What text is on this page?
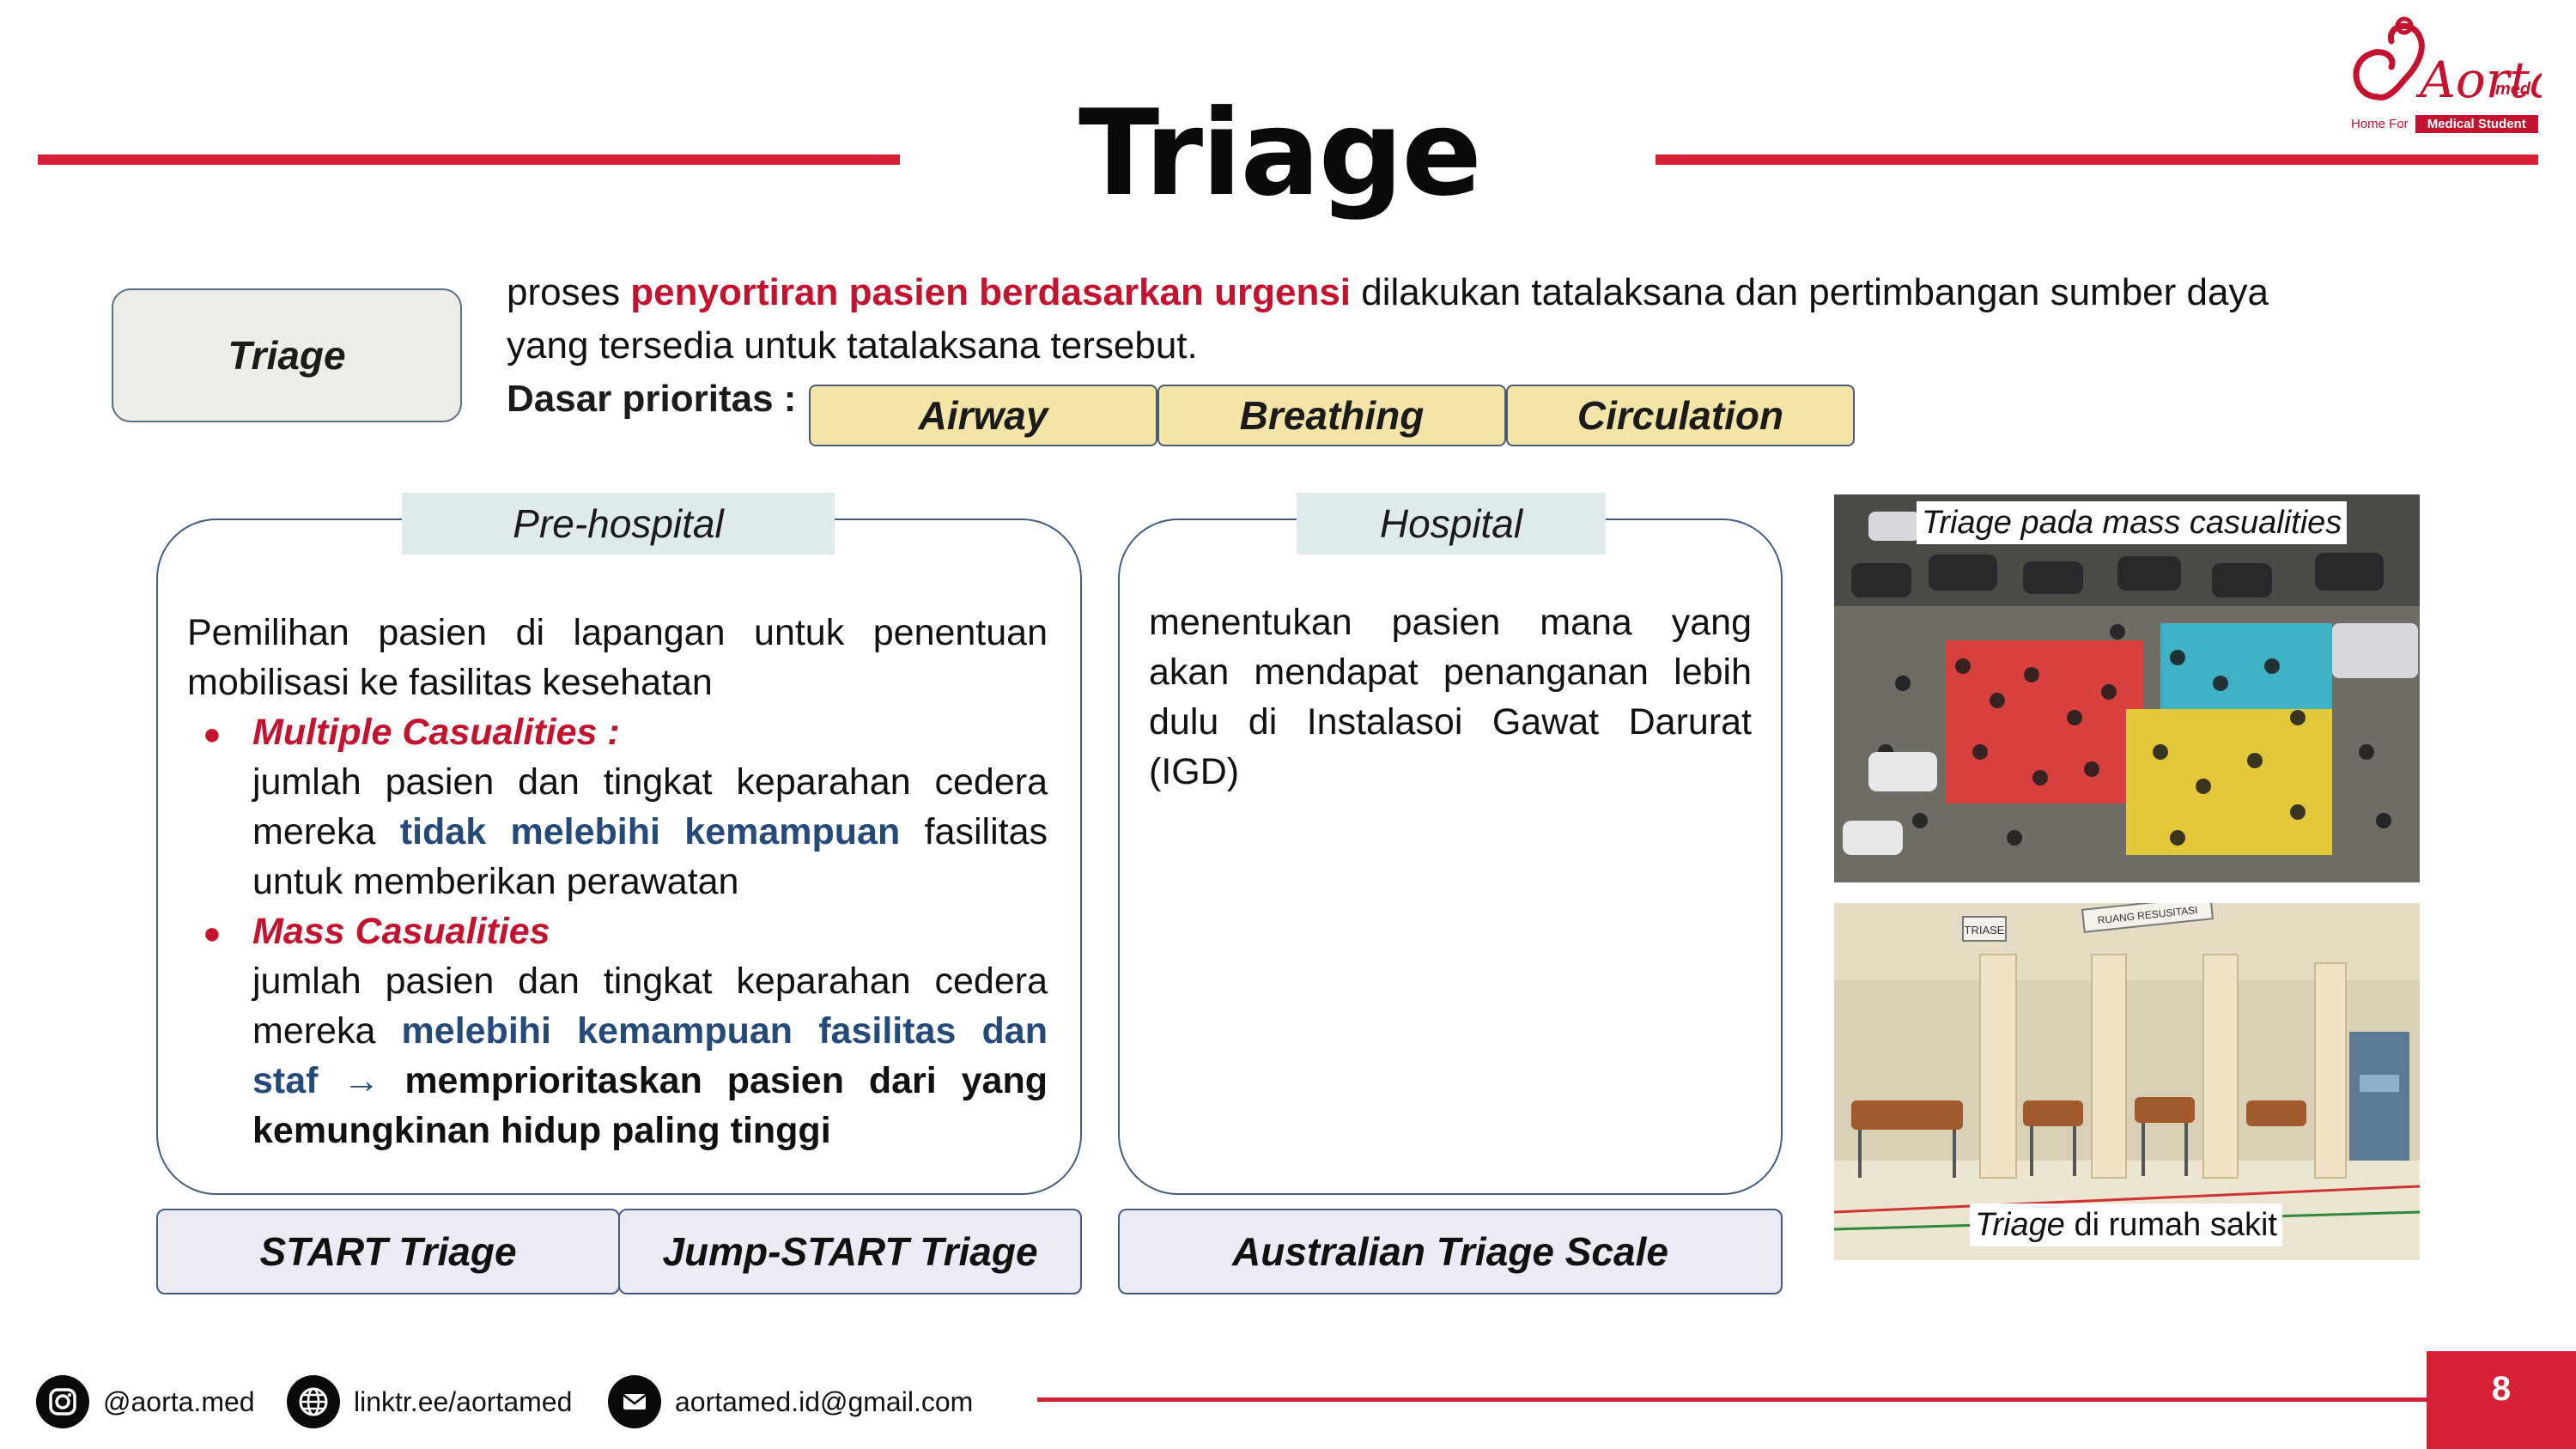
Triage
Aort
med
Home For	Medical Student
Triage
proses penyortiran pasien berdasarkan urgensi dilakukan tatalaksana dan pertimbangan sumber daya yang tersedia untuk tatalaksana tersebut.
Dasar prioritas :	Airway	Breathing	Circulation
Pre-hospital

Pemilihan pasien di lapangan untuk penentuan mobilisasi ke fasilitas kesehatan

● Multiple Casualities :

jumlah pasien dan tingkat keparahan cedera mereka tidak melebihi kemampuan fasilitas untuk memberikan perawatan

● Mass Casualities

jumlah pasien dan tingkat keparahan cedera mereka melebihi kemampuan fasilitas dan staf → memprioritaskan pasien dari yang kemungkinan hidup paling tinggi

Hospital
menentukan pasien mana yang akan mendapat penanganan lebih dulu di Instalasoi Gawat Darurat (IGD)
START Triage	Jump-START Triage	Australian Triage Scale
Triage pada mass casualities
TRIASE
RUANG RESUSITASI
Triage di rumah sakit
@aorta.med	linktr.ee/aortamed	aortamed.id@gmail.com	8
